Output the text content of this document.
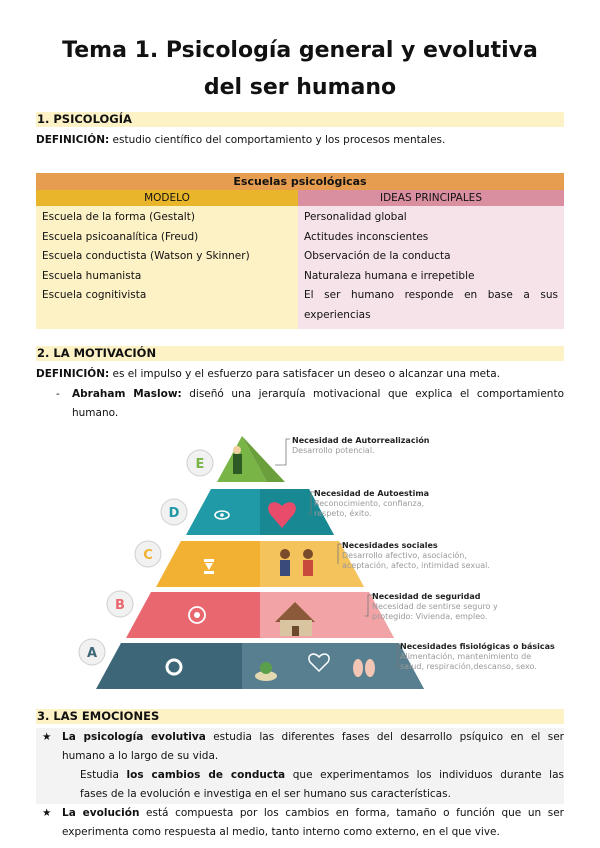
Tema 1. Psicología general y evolutiva
del ser humano
1. PSICOLOGÍA
DEFINICIÓN: estudio científico del comportamiento y los procesos mentales.
Escuelas psicológicas
MODELO	IDEAS PRINCIPALES
Escuela de la forma (Gestalt)
Escuela psicoanalítica (Freud)
Escuela conductista (Watson y Skinner)
Escuela humanista
Escuela cognitivista
Personalidad global
Actitudes inconscientes
Observación de la conducta
Naturaleza humana e irrepetible
El ser humano responde en base a sus
experiencias
2. LA MOTIVACIÓN
DEFINICIÓN: es el impulso y el esfuerzo para satisfacer un deseo o alcanzar una meta.
- Abraham Maslow: diseñó una jerarquía motivacional que explica el comportamiento
humano.
E
D
C
B
A
Necesidad de Autorrealización
Desarrollo potencial.
Necesidad de Autoestima
Reconocimiento, confianza,
respeto, éxito.
Necesidades sociales
Desarrollo afectivo, asociación,
aceptación, afecto, intimidad sexual.
Necesidad de seguridad
Necesidad de sentirse seguro y
protegido: Vivienda, empleo.
Necesidades fisiológicas o básicas
Alimentación, mantenimiento de
salud, respiración,descanso, sexo.
3. LAS EMOCIONES
★ La psicología evolutiva estudia las diferentes fases del desarrollo psíquico en el ser
humano a lo largo de su vida.
Estudia los cambios de conducta que experimentamos los individuos durante las
fases de la evolución e investiga en el ser humano sus características.
★ La evolución está compuesta por los cambios en forma, tamaño o función que un ser
experimenta como respuesta al medio, tanto interno como externo, en el que vive.
